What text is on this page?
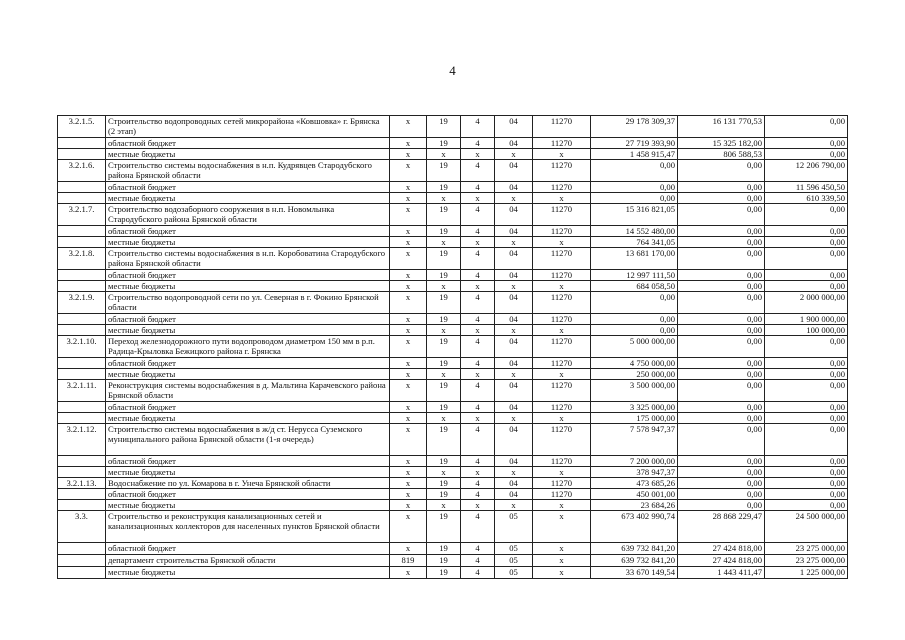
4
3.2.1.5.	Строительство водопроводных сетей микрорайона «Ковшовка» г. Брянска (2 этап)	x	19	4	04	11270	29 178 309,37	16 131 770,53	0,00
	областной бюджет	x	19	4	04	11270	27 719 393,90	15 325 182,00	0,00
	местные бюджеты	x	x	x	x	x	1 458 915,47	806 588,53	0,00
3.2.1.6.	Строительство системы водоснабжения в н.п. Кудрявцев Стародубского района Брянской области	x	19	4	04	11270	0,00	0,00	12 206 790,00
	областной бюджет	x	19	4	04	11270	0,00	0,00	11 596 450,50
	местные бюджеты	x	x	x	x	x	0,00	0,00	610 339,50
3.2.1.7.	Строительство водозаборного сооружения в н.п. Новомлынка Стародубского района Брянской области	x	19	4	04	11270	15 316 821,05	0,00	0,00
	областной бюджет	x	19	4	04	11270	14 552 480,00	0,00	0,00
	местные бюджеты	x	x	x	x	x	764 341,05	0,00	0,00
3.2.1.8.	Строительство системы водоснабжения в н.п. Коробоватина Стародубского района Брянской области	x	19	4	04	11270	13 681 170,00	0,00	0,00
	областной бюджет	x	19	4	04	11270	12 997 111,50	0,00	0,00
	местные бюджеты	x	x	x	x	x	684 058,50	0,00	0,00
3.2.1.9.	Строительство водопроводной сети по ул. Северная в г. Фокино Брянской области	x	19	4	04	11270	0,00	0,00	2 000 000,00
	областной бюджет	x	19	4	04	11270	0,00	0,00	1 900 000,00
	местные бюджеты	x	x	x	x	x	0,00	0,00	100 000,00
3.2.1.10.	Переход железнодорожного пути водопроводом диаметром 150 мм в р.п. Радица-Крыловка Бежицкого района г. Брянска	x	19	4	04	11270	5 000 000,00	0,00	0,00
	областной бюджет	x	19	4	04	11270	4 750 000,00	0,00	0,00
	местные бюджеты	x	x	x	x	x	250 000,00	0,00	0,00
3.2.1.11.	Реконструкция системы водоснабжения в д. Мальтина Карачевского района Брянской области	x	19	4	04	11270	3 500 000,00	0,00	0,00
	областной бюджет	x	19	4	04	11270	3 325 000,00	0,00	0,00
	местные бюджеты	x	x	x	x	x	175 000,00	0,00	0,00
3.2.1.12.	Строительство системы водоснабжения в ж/д ст. Нерусса Суземского муниципального района Брянской области (1-я очередь)	x	19	4	04	11270	7 578 947,37	0,00	0,00
	областной бюджет	x	19	4	04	11270	7 200 000,00	0,00	0,00
	местные бюджеты	x	x	x	x	x	378 947,37	0,00	0,00
3.2.1.13.	Водоснабжение по ул. Комарова в г. Унеча Брянской области	x	19	4	04	11270	473 685,26	0,00	0,00
	областной бюджет	x	19	4	04	11270	450 001,00	0,00	0,00
	местные бюджеты	x	x	x	x	x	23 684,26	0,00	0,00
3.3.	Строительство и реконструкция канализационных сетей и канализационных коллекторов для населенных пунктов Брянской области	x	19	4	05	x	673 402 990,74	28 868 229,47	24 500 000,00
	областной бюджет	x	19	4	05	x	639 732 841,20	27 424 818,00	23 275 000,00
	департамент строительства Брянской области	819	19	4	05	x	639 732 841,20	27 424 818,00	23 275 000,00
	местные бюджеты	x	19	4	05	x	33 670 149,54	1 443 411,47	1 225 000,00
